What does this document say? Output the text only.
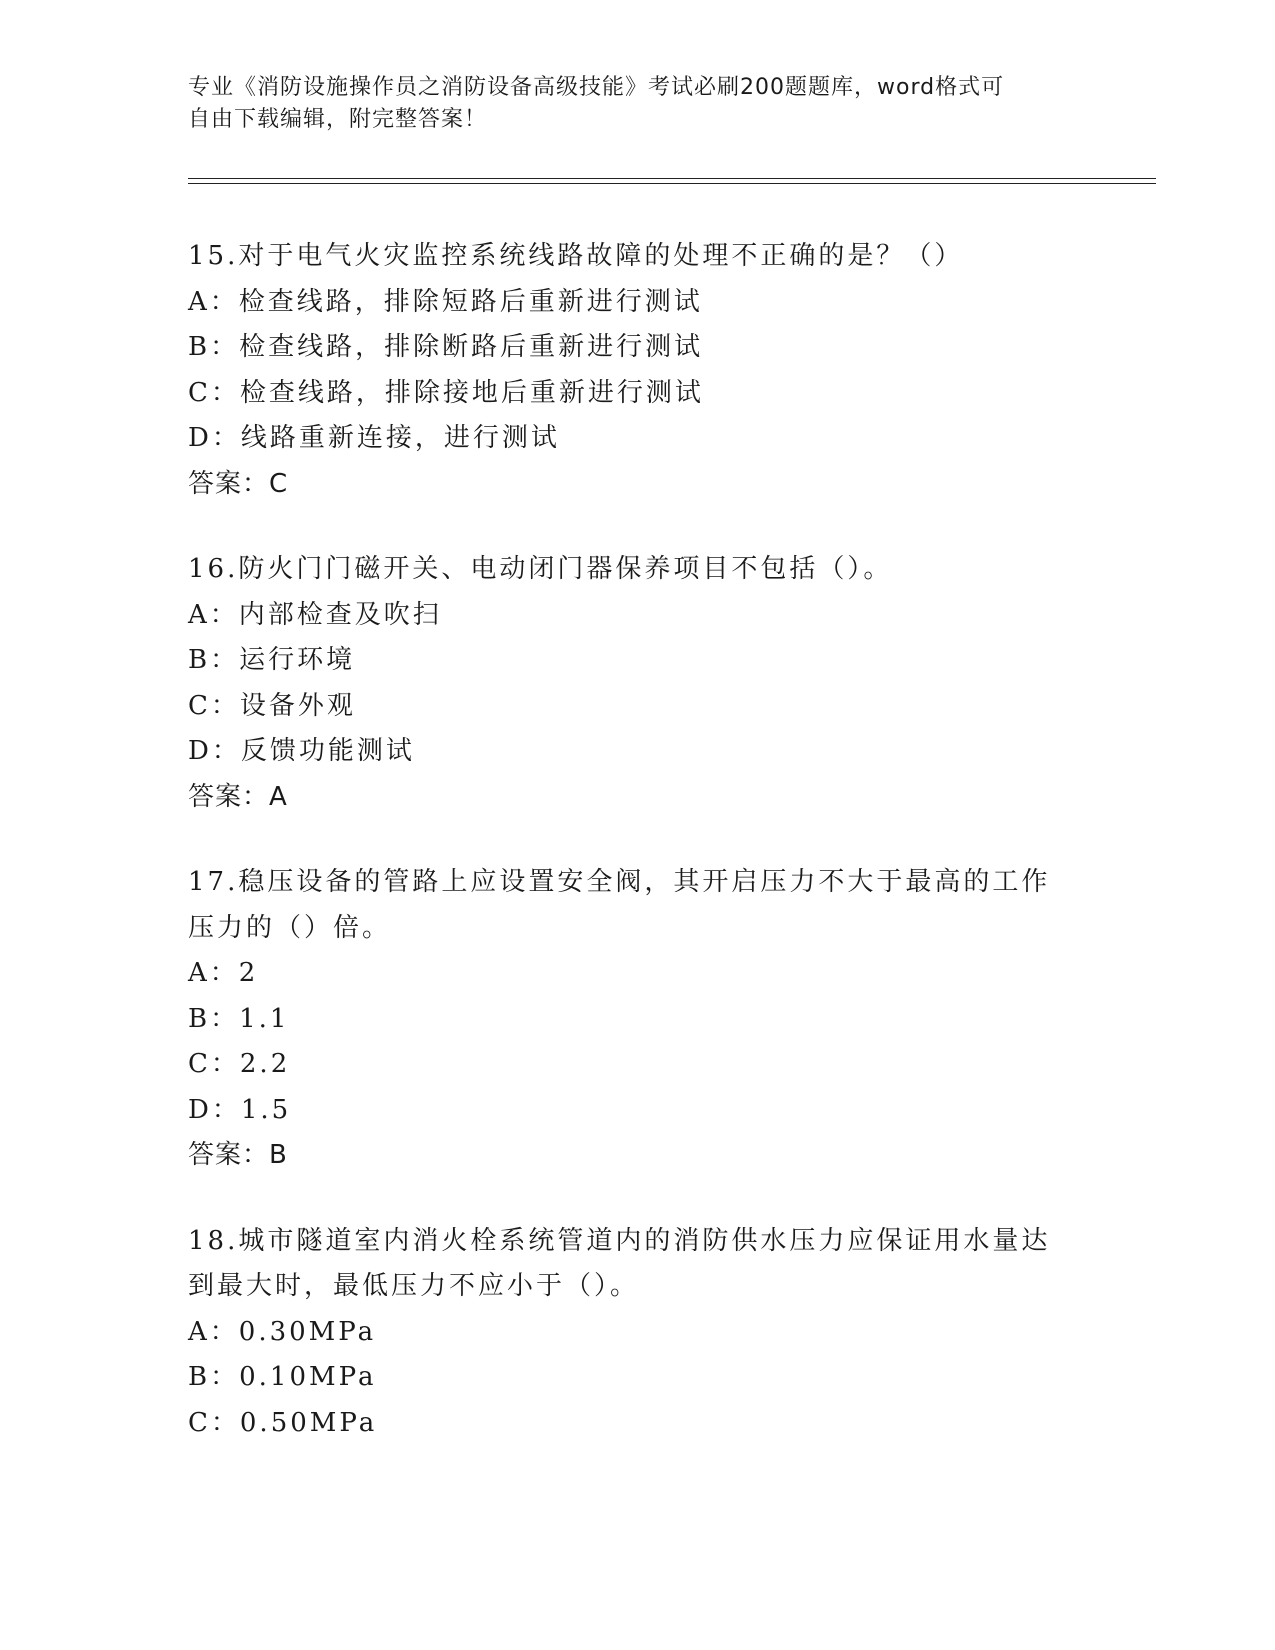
专业《消防设施操作员之消防设备高级技能》考试必刷200题题库，word格式可
自由下载编辑，附完整答案！
15.对于电气火灾监控系统线路故障的处理不正确的是？（）
A：检查线路，排除短路后重新进行测试
B：检查线路，排除断路后重新进行测试
C：检查线路，排除接地后重新进行测试
D：线路重新连接，进行测试
答案：C
16.防火门门磁开关、电动闭门器保养项目不包括（）。
A：内部检查及吹扫
B：运行环境
C：设备外观
D：反馈功能测试
答案：A
17.稳压设备的管路上应设置安全阀，其开启压力不大于最高的工作压力的（）倍。
A：2
B：1.1
C：2.2
D：1.5
答案：B
18.城市隧道室内消火栓系统管道内的消防供水压力应保证用水量达到最大时，最低压力不应小于（）。
A：0.30MPa
B：0.10MPa
C：0.50MPa
